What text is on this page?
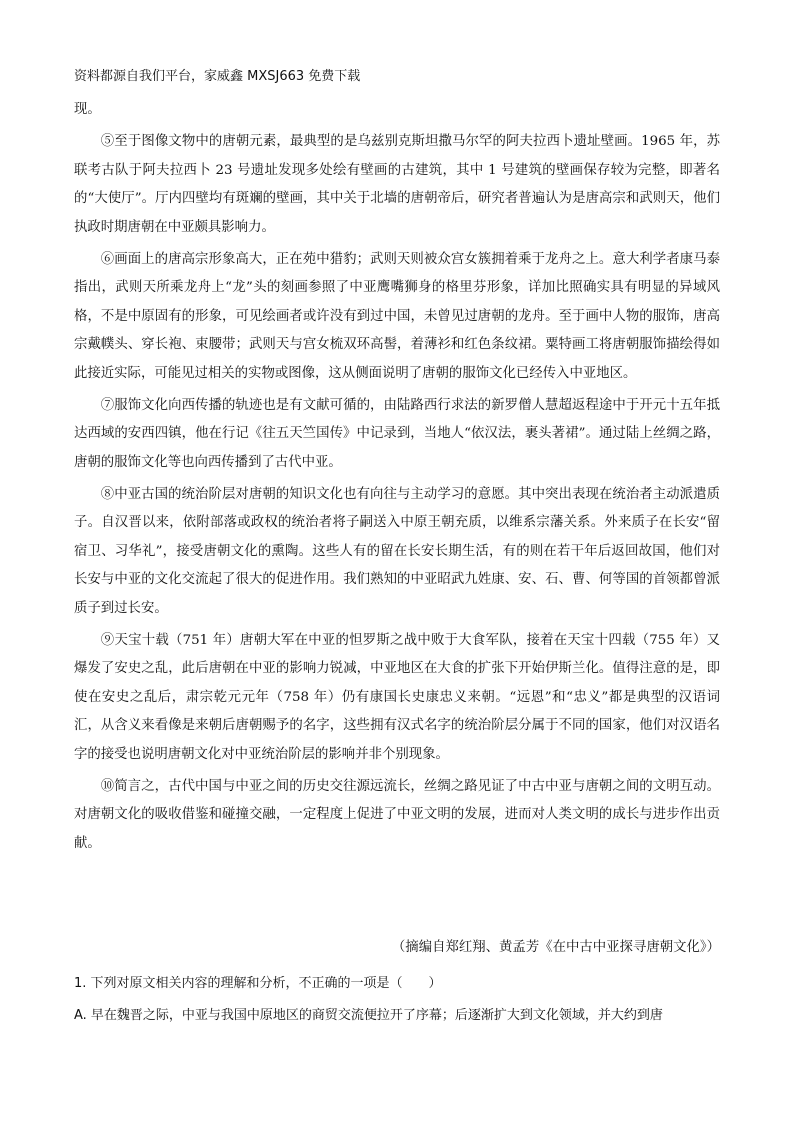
资料都源自我们平台，家威鑫 MXSJ663 免费下载

现。

⑤至于图像文物中的唐朝元素，最典型的是乌兹别克斯坦撒马尔罕的阿夫拉西卜遗址壁画。1965 年，苏联考古队于阿夫拉西卜 23 号遗址发现多处绘有壁画的古建筑，其中 1 号建筑的壁画保存较为完整，即著名的“大使厅”。厅内四壁均有斑斓的壁画，其中关于北墙的唐朝帝后，研究者普遍认为是唐高宗和武则天，他们执政时期唐朝在中亚颇具影响力。

⑥画面上的唐高宗形象高大，正在苑中猎豹；武则天则被众宫女簇拥着乘于龙舟之上。意大利学者康马泰指出，武则天所乘龙舟上“龙”头的刻画参照了中亚鹰嘴狮身的格里芬形象，详加比照确实具有明显的异域风格，不是中原固有的形象，可见绘画者或许没有到过中国，未曾见过唐朝的龙舟。至于画中人物的服饰，唐高宗戴幞头、穿长袍、束腰带；武则天与宫女梳双环高髻，着薄衫和红色条纹裙。粟特画工将唐朝服饰描绘得如此接近实际，可能见过相关的实物或图像，这从侧面说明了唐朝的服饰文化已经传入中亚地区。

⑦服饰文化向西传播的轨迹也是有文献可循的，由陆路西行求法的新罗僧人慧超返程途中于开元十五年抵达西域的安西四镇，他在行记《往五天竺国传》中记录到，当地人“依汉法，裹头著裙”。通过陆上丝绸之路，唐朝的服饰文化等也向西传播到了古代中亚。

⑧中亚古国的统治阶层对唐朝的知识文化也有向往与主动学习的意愿。其中突出表现在统治者主动派遣质子。自汉晋以来，依附部落或政权的统治者将子嗣送入中原王朝充质，以维系宗藩关系。外来质子在长安“留宿卫、习华礼”，接受唐朝文化的熏陶。这些人有的留在长安长期生活，有的则在若干年后返回故国，他们对长安与中亚的文化交流起了很大的促进作用。我们熟知的中亚昭武九姓康、安、石、曹、何等国的首领都曾派质子到过长安。

⑨天宝十载（751 年）唐朝大军在中亚的怛罗斯之战中败于大食军队，接着在天宝十四载（755 年）又爆发了安史之乱，此后唐朝在中亚的影响力锐减，中亚地区在大食的扩张下开始伊斯兰化。值得注意的是，即使在安史之乱后，肃宗乾元元年（758 年）仍有康国长史康忠义来朝。“远恩”和“忠义”都是典型的汉语词汇，从含义来看像是来朝后唐朝赐予的名字，这些拥有汉式名字的统治阶层分属于不同的国家，他们对汉语名字的接受也说明唐朝文化对中亚统治阶层的影响并非个别现象。

⑩简言之，古代中国与中亚之间的历史交往源远流长，丝绸之路见证了中古中亚与唐朝之间的文明互动。对唐朝文化的吸收借鉴和碰撞交融，一定程度上促进了中亚文明的发展，进而对人类文明的成长与进步作出贡献。

（摘编自郑红翔、黄孟芳《在中古中亚探寻唐朝文化》）
1. 下列对原文相关内容的理解和分析，不正确的一项是（　　）
A. 早在魏晋之际，中亚与我国中原地区的商贸交流便拉开了序幕；后逐渐扩大到文化领域，并大约到唐
